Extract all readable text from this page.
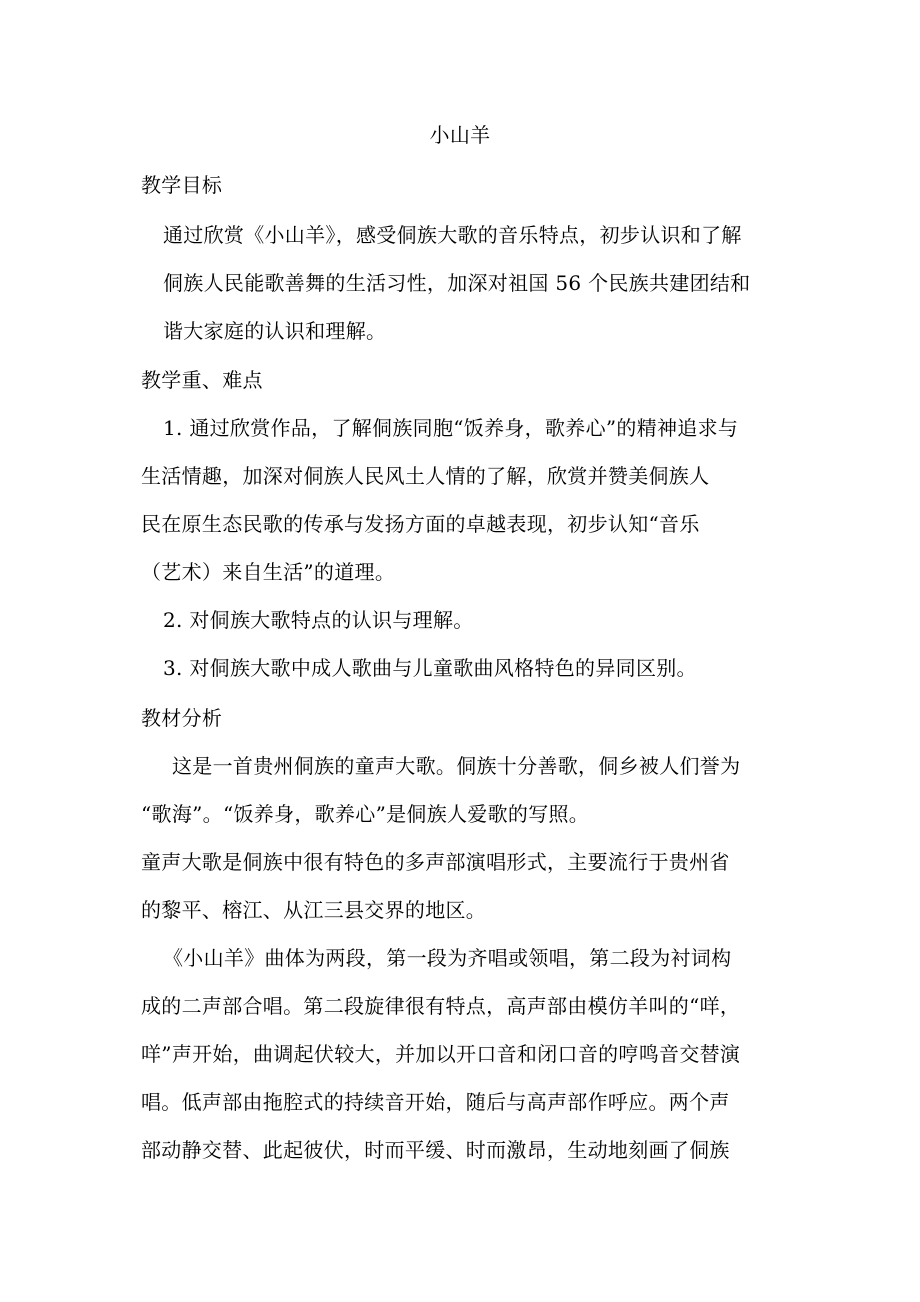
小山羊
教学目标
通过欣赏《小山羊》，感受侗族大歌的音乐特点，初步认识和了解
侗族人民能歌善舞的生活习性，加深对祖国 56 个民族共建团结和
谐大家庭的认识和理解。
教学重、难点
1. 通过欣赏作品，了解侗族同胞“饭养身，歌养心”的精神追求与
生活情趣，加深对侗族人民风土人情的了解，欣赏并赞美侗族人
民在原生态民歌的传承与发扬方面的卓越表现，初步认知“音乐
（艺术）来自生活”的道理。
2. 对侗族大歌特点的认识与理解。
3. 对侗族大歌中成人歌曲与儿童歌曲风格特色的异同区别。
教材分析
这是一首贵州侗族的童声大歌。侗族十分善歌，侗乡被人们誉为
“歌海”。“饭养身，歌养心”是侗族人爱歌的写照。
童声大歌是侗族中很有特色的多声部演唱形式，主要流行于贵州省
的黎平、榕江、从江三县交界的地区。
《小山羊》曲体为两段，第一段为齐唱或领唱，第二段为衬词构
成的二声部合唱。第二段旋律很有特点，高声部由模仿羊叫的“咩，
咩”声开始，曲调起伏较大，并加以开口音和闭口音的哼鸣音交替演
唱。低声部由拖腔式的持续音开始，随后与高声部作呼应。两个声
部动静交替、此起彼伏，时而平缓、时而激昂，生动地刻画了侗族
